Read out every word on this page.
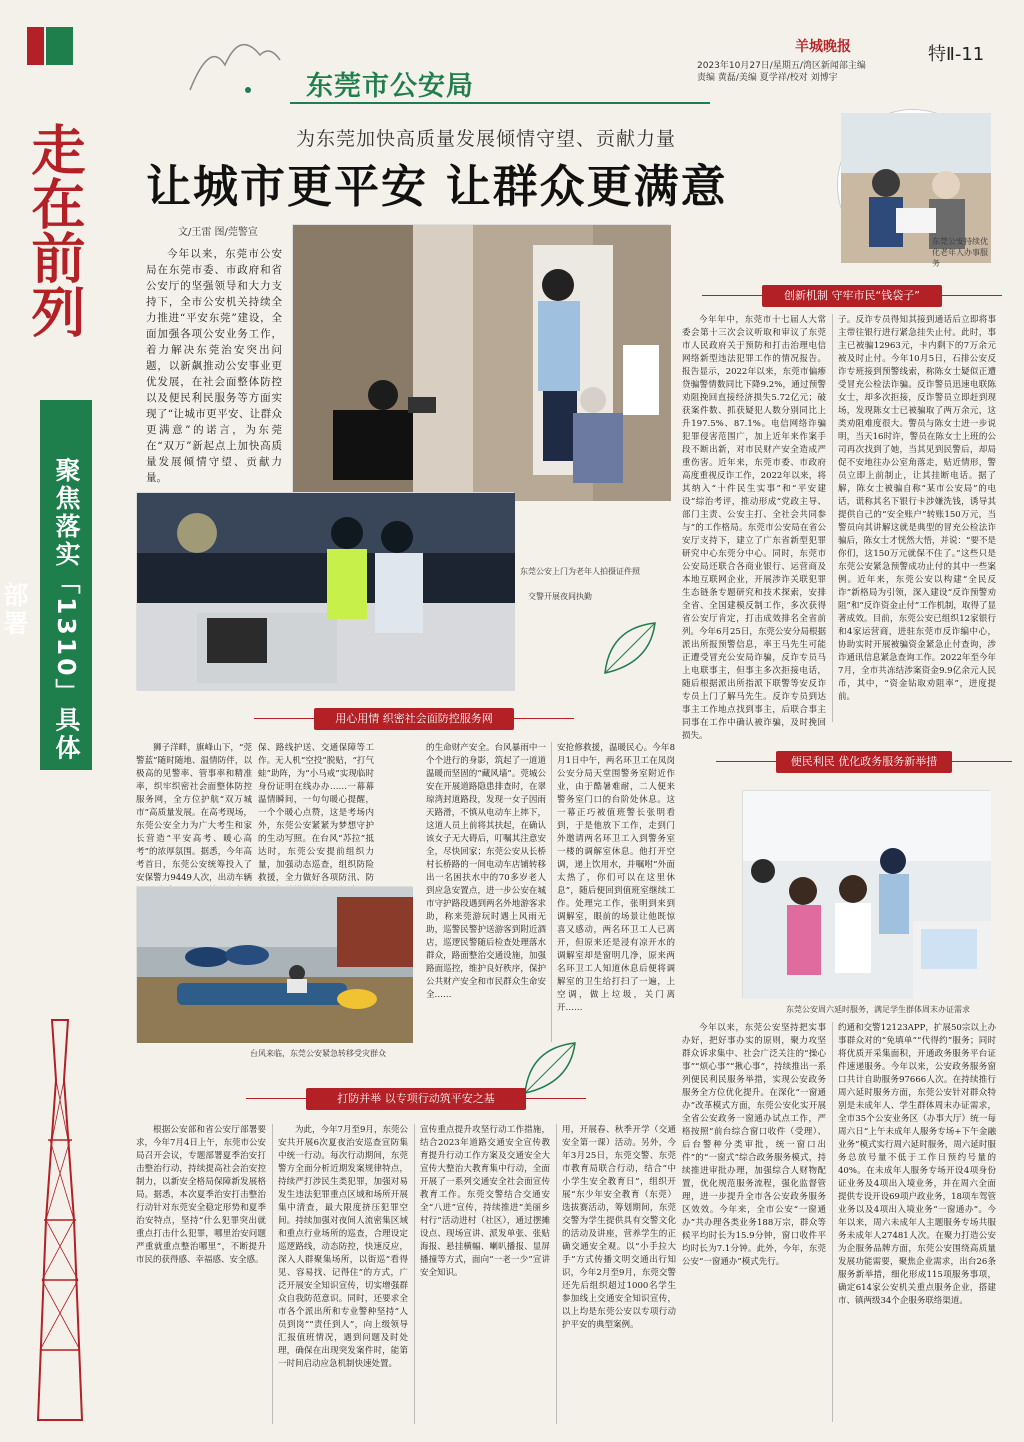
走在前列
聚焦落实「1310」具体部署
东莞市公安局
羊城晚报	特Ⅱ-11
2023年10月27日/星期五/湾区新闻部主编
责编 黄磊/美编 夏学祥/校对 刘博宇
为东莞加快高质量发展倾情守望、贡献力量
让城市更平安 让群众更满意
文/王雷 图/莞警宣
今年以来，东莞市公安局在东莞市委、市政府和省公安厅的坚强领导和大力支持下，全市公安机关持续全力推进“平安东莞”建设，全面加强各项公安业务工作，着力解决东莞治安突出问题，以新飙推动公安事业更优发展，在社会面整体防控以及便民利民服务等方面实现了“让城市更平安、让群众更满意”的诺言，为东莞在“双万”新起点上加快高质量发展倾情守望、贡献力量。
东莞公安持续优化老年人办事服务
东莞公安上门为老年人拍摄证件照
交警开展夜间执勤
创新机制 守牢市民“钱袋子”
今年年中，东莞市十七届人大常委会第十三次会议听取和审议了东莞市人民政府关于预防和打击治理电信网络新型违法犯罪工作的情况报告。报告显示，2022年以来，东莞市偏瘆贷骗警情数同比下降9.2%，通过预警劝阻挽回直接经济损失5.72亿元；破获案件数、抓获疑犯人数分别同比上升197.5%、87.1%。电信网络诈骗犯罪侵害范围广，加上近年来作案手段不断出新，对市民财产安全造成严重伤害。近年来，东莞市委、市政府高度重视反诈工作，2022年以来，将其纳入“十件民生实事”和“平安建设”综治考评，推动形成“党政主导、部门主责、公安主打、全社会共同参与”的工作格局。东莞市公安局在省公安厅支持下，建立了广东省新型犯罪研究中心东莞分中心。同时，东莞市公安局还联合各商业银行、运营商及本地互联网企业，开展涉诈关联犯罪生态链条专题研究和技术探索，安排全省、全国建模反制工作，多次获得省公安厅肯定，打击成效排名全省前列。今年6月25日，东莞公安分局根据派出所报预警信息，率王马先生可能正遭受冒充公安局诈骗，反诈专员马上电联事主，但事主多次拒接电话，随后根据派出所指派下联警等安反诈专员上门了解马先生。反诈专员到达事主工作地点找到事主，后联合事主同事在工作中确认被诈骗，及时挽回损失。
子。反诈专员得知其接到通话后立即将事主带往银行进行紧急挂失止付。此时，事主已被骗12963元，卡内剩下的7万余元被及时止付。今年10月5日，石排公安反诈专班接到预警线索，称陈女士疑似正遭受冒充公检法诈骗。反诈警员迅速电联陈女士，却多次拒接，反诈警员立即赶到现场，发现陈女士已被骗取了两万余元，这类劝阻难度很大。警员与陈女士进一步说明，当天16时许，警员在陈女士上班的公司再次找到了她，当其见到民警后，却局促不安地往办公室角落走，贴近情形，警员立即上前制止，让其挂断电话。据了解，陈女士被骗自称“某市公安局”的电话，谎称其名下银行卡涉嫌洗钱，诱导其提供自己的“安全账户”转账150万元，当警员向其讲解这就是典型的冒充公检法诈骗后，陈女士才恍然大悟，并说：“要不是你们，这150万元就保不住了。”这些只是东莞公安紧急预警成功止付的其中一些案例。近年来，东莞公安以构建“全民反诈”新格局为引领，深入建设“反诈预警劝阻”和“反诈资金止付”工作机制，取得了显著成效。目前，东莞公安已组织12家银行和4家运营商，进驻东莞市反诈编中心，协助实时开展被骗资金紧急止付查询，涉诈通讯信息紧急查询工作。2022年至今年7月，全市共冻结涉案资金9.9亿余元人民币，其中，“资金钻取劝阻率”，进度提前。
用心用情 织密社会面防控服务网
狮子洋畔，旗峰山下，“莞警蓝”随时随地、温情防伴，以极高的见警率、管事率和精准率，织牢织密社会面整体防控服务网，全方位护航“双万城市”高质量发展。在高考现场，东莞公安全力为广大考生和家长营造“平安高考、暖心高考”的浓厚氛围。据悉，今年高考首日，东莞公安统筹投入了安保警力9449人次，出动车辆
保、路线护送、交通保障等工作。无人机“空投”脱贴，“打气蛙”助阵，为“小马戒”实现临时身份证明在线办办……一幕幕温情瞬间，一句句暖心提醒，一个个暖心点赞，这是考场内外，东莞公安紧紧为梦想守护的生动写照。在台风“苏拉”抵达时，东莞公安提前组织力量，加强动态巡查，组织防险救援，全力做好各项防汛、防
的生命财产安全。台风暴雨中一个个进行的身影，筑起了一道道温暖而坚固的“藏风墙”。莞城公安在开展道路隐患排查时，在翠琼湾封道路段，发现一女子因雨天路滑，不慎从电动车上摔下，这道人员上前将其扶起，在确认该女子无大碍后，叮嘱其注意安全，尽快回家；东莞公安从长桥村长桥路的一间电动车店铺转移出一名困扶水中的70多岁老人到应急安置点，进一步公安在城市守护路段遇到两名外地游客求助，称来莞游玩时遇上风雨无助，巡警民警护送游客到附近酒店，巡逻民警随后检查处理落水群众，路面整治交通设施，加强路面巡控，维护良好秩序，保护公共财产安全和市民群众生命安全……
安抢修救援，温暖民心。今年8月1日中午，两名环卫工在凤岗公安分局天堂围警务室附近作业，由于酷暑难耐，二人便来警务室门口的台阶处休息。这一幕正巧被值班警长张明看到，于是他放下工作，走到门外邀请两名环卫工入到警务室一楼的调解室休息。他打开空调，递上饮用水，并嘱咐“外面太热了，你们可以在这里休息”，随后便回到值班室继续工作。处理完工作，张明到来到调解室，眼前的场景让他既惊喜又感动，两名环卫工人已离开，但原来还是浸有凉开水的调解室却是窗明几净，原来两名环卫工人知道休息后便将调解室的卫生给打扫了一遍，上空调，做上垃圾，关门离开……
台风来临，东莞公安紧急转移受灾群众
便民利民 优化政务服务新举措
东莞公安周六延时服务，满足学生群体周末办证需求
今年以来，东莞公安坚持把实事办好，把好事办实的原则，聚力攻坚群众诉求集中、社会广泛关注的“操心事”“烦心事”“揪心事”，持续推出一系列便民利民服务举措，实现公安政务服务全方位优化提升。在深化“一窗通办”改革模式方面，东莞公安化实开展全省公安政务一窗通办试点工作，严格按照“前台综合窗口收件（受理）、后台警种分类审批，统一窗口出件”的“一窗式”综合政务服务模式，持续推进审批办理，加强综合人财物配置，优化规范服务流程，强化监督管理，进一步提升全市各公安政务服务区效效。今年来，全市公安“一窗通办”共办理各类业务188万宗，群众等候平均时长为15.9分钟，窗口收件平均时长为7.1分钟。此外，今年，东莞公安“一窗通办”模式先行。
约通和交警12123APP，扩展50宗以上办事群众对的“免填单”“代得约”服务；同时将优质开采集面积，开通政务服务平台证件速递服务。今年以来，公安政务服务窗口共计自助服务97666人次。在持续推行周六延时服务方面，东莞公安针对群众特别是未成年人、学生群体周末办证需求，全市35个公安业务区（办事大厅）统一每周六日“上午未成年人服务专场+下午金融业务”模式实行周六延时服务，周六延时服务总放号量不低于工作日预约号量的40%。在未成年人服务专场开设4项身份证业务及4项出入境业务，并在周六全面提供专设开设69项户政业务，18项车驾管业务以及4项出入境业务“一窗通办”。今年以来，周六未成年人主题服务专场共服务未成年人27481人次。在聚力打造公安为企服务品牌方面，东莞公安围绕高质量发展功能需要，聚焦企业需求，出台26条服务新举措，细化形成115项服务事项，确定614家公安机关重点服务企业，搭建市、镇两级34个企服务联络渠道。
打防并举 以专项行动筑平安之基
根据公安部和省公安厅部署要求，今年7月4日上午，东莞市公安局召开会议，专题部署夏季治安打击整治行动，持续提高社会治安控制力，以新安全格局保障新发展格局。据悉，本次夏季治安打击整治行动针对东莞安全稳定形势和夏季治安特点，坚持“什么犯罪突出就重点打击什么犯罪，哪里治安问题严重就重点整治哪里”，不断提升市民的获得感、幸福感、安全感。
为此，今年7月至9月，东莞公安共开展6次夏夜治安巡查宣防集中统一行动。每次行动期间，东莞警方全面分析近期发案规律特点，持续严打涉民生类犯罪，加强对易发生违法犯罪重点区域和场所开展集中清查，最大限度挤压犯罪空间。持续加强对夜间人流密集区域和重点行业场所的巡查，合理设定巡逻路线，动态防控，快速反应，深入人群聚集场所，以街巡“看得见、容易找、记得住”的方式，广泛开展安全知识宣传，切实增强群众自我防范意识。同时，还要求全市各个派出所和专业警种坚持“人员到岗”“责任到人”，向上级领导汇报值班情况，遇到问题及时处理，确保在出现突发案件时，能第一时间启动应急机制快速处置。
宣传重点提升攻坚行动工作措施，结合2023年道路交通安全宣传教育提升行动工作方案及交通安全大宣传大整治大教育集中行动，全面开展了一系列交通安全社会面宣传教育工作。东莞交警结合交通安全“八进”宣传，持续推进“美丽乡村行”活动进村（社区），通过摆摊设点、现场宣讲、派发单张、张贴海报、悬挂横幅、喇叭播报、显屏播撞等方式，面向“一老一少”宣讲安全知识。
用，开展春、秋季开学（交通安全第一课）活动。另外，今年3月25日，东莞交警、东莞市教育局联合行动，结合“中小学生安全教育日”，组织开展“东少年安全教育（东莞）选拔赛活动，筹划期间，东莞交警为学生提供具有交警文化的活动及讲座，营养学生的正确交通安全观。以“小手拉大手”方式传播文明交通出行知识，今年2月至9月，东莞交警还先后组织超过1000名学生参加线上交通安全知识宣传，以上均是东莞公安以专项行动护平安的典型案例。
